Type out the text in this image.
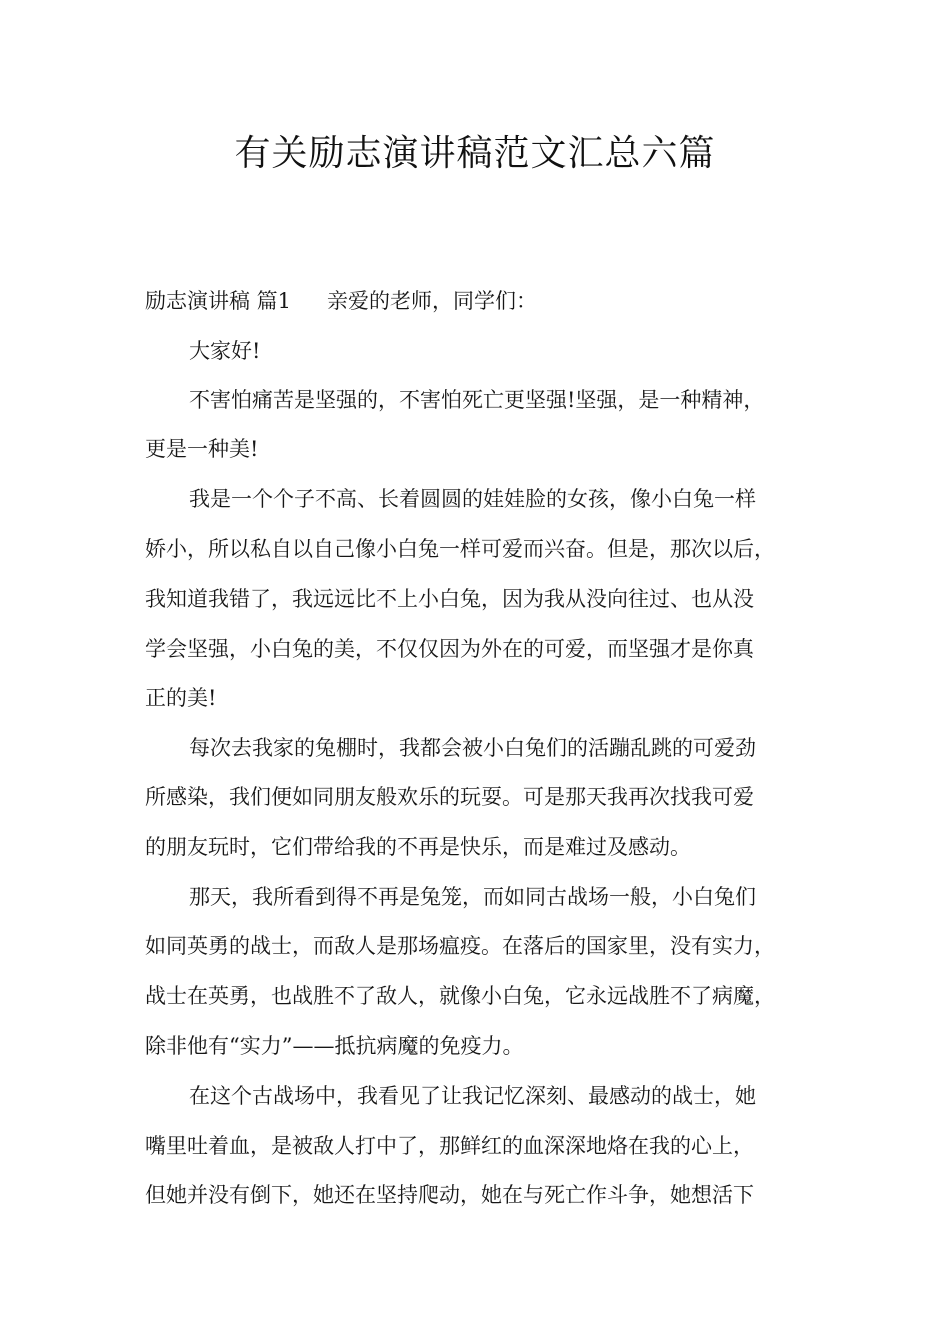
有关励志演讲稿范文汇总六篇
励志演讲稿 篇1 亲爱的老师，同学们：
大家好!
不害怕痛苦是坚强的，不害怕死亡更坚强!坚强，是一种精神，
更是一种美!
我是一个个子不高、长着圆圆的娃娃脸的女孩，像小白兔一样
娇小，所以私自以自己像小白兔一样可爱而兴奋。但是，那次以后，
我知道我错了，我远远比不上小白兔，因为我从没向往过、也从没
学会坚强，小白兔的美，不仅仅因为外在的可爱，而坚强才是你真
正的美!
每次去我家的兔棚时，我都会被小白兔们的活蹦乱跳的可爱劲
所感染，我们便如同朋友般欢乐的玩耍。可是那天我再次找我可爱
的朋友玩时，它们带给我的不再是快乐，而是难过及感动。
那天，我所看到得不再是兔笼，而如同古战场一般，小白兔们
如同英勇的战士，而敌人是那场瘟疫。在落后的国家里，没有实力，
战士在英勇，也战胜不了敌人，就像小白兔，它永远战胜不了病魔，
除非他有“实力”——抵抗病魔的免疫力。
在这个古战场中，我看见了让我记忆深刻、最感动的战士，她
嘴里吐着血，是被敌人打中了，那鲜红的血深深地烙在我的心上，
但她并没有倒下，她还在坚持爬动，她在与死亡作斗争，她想活下
